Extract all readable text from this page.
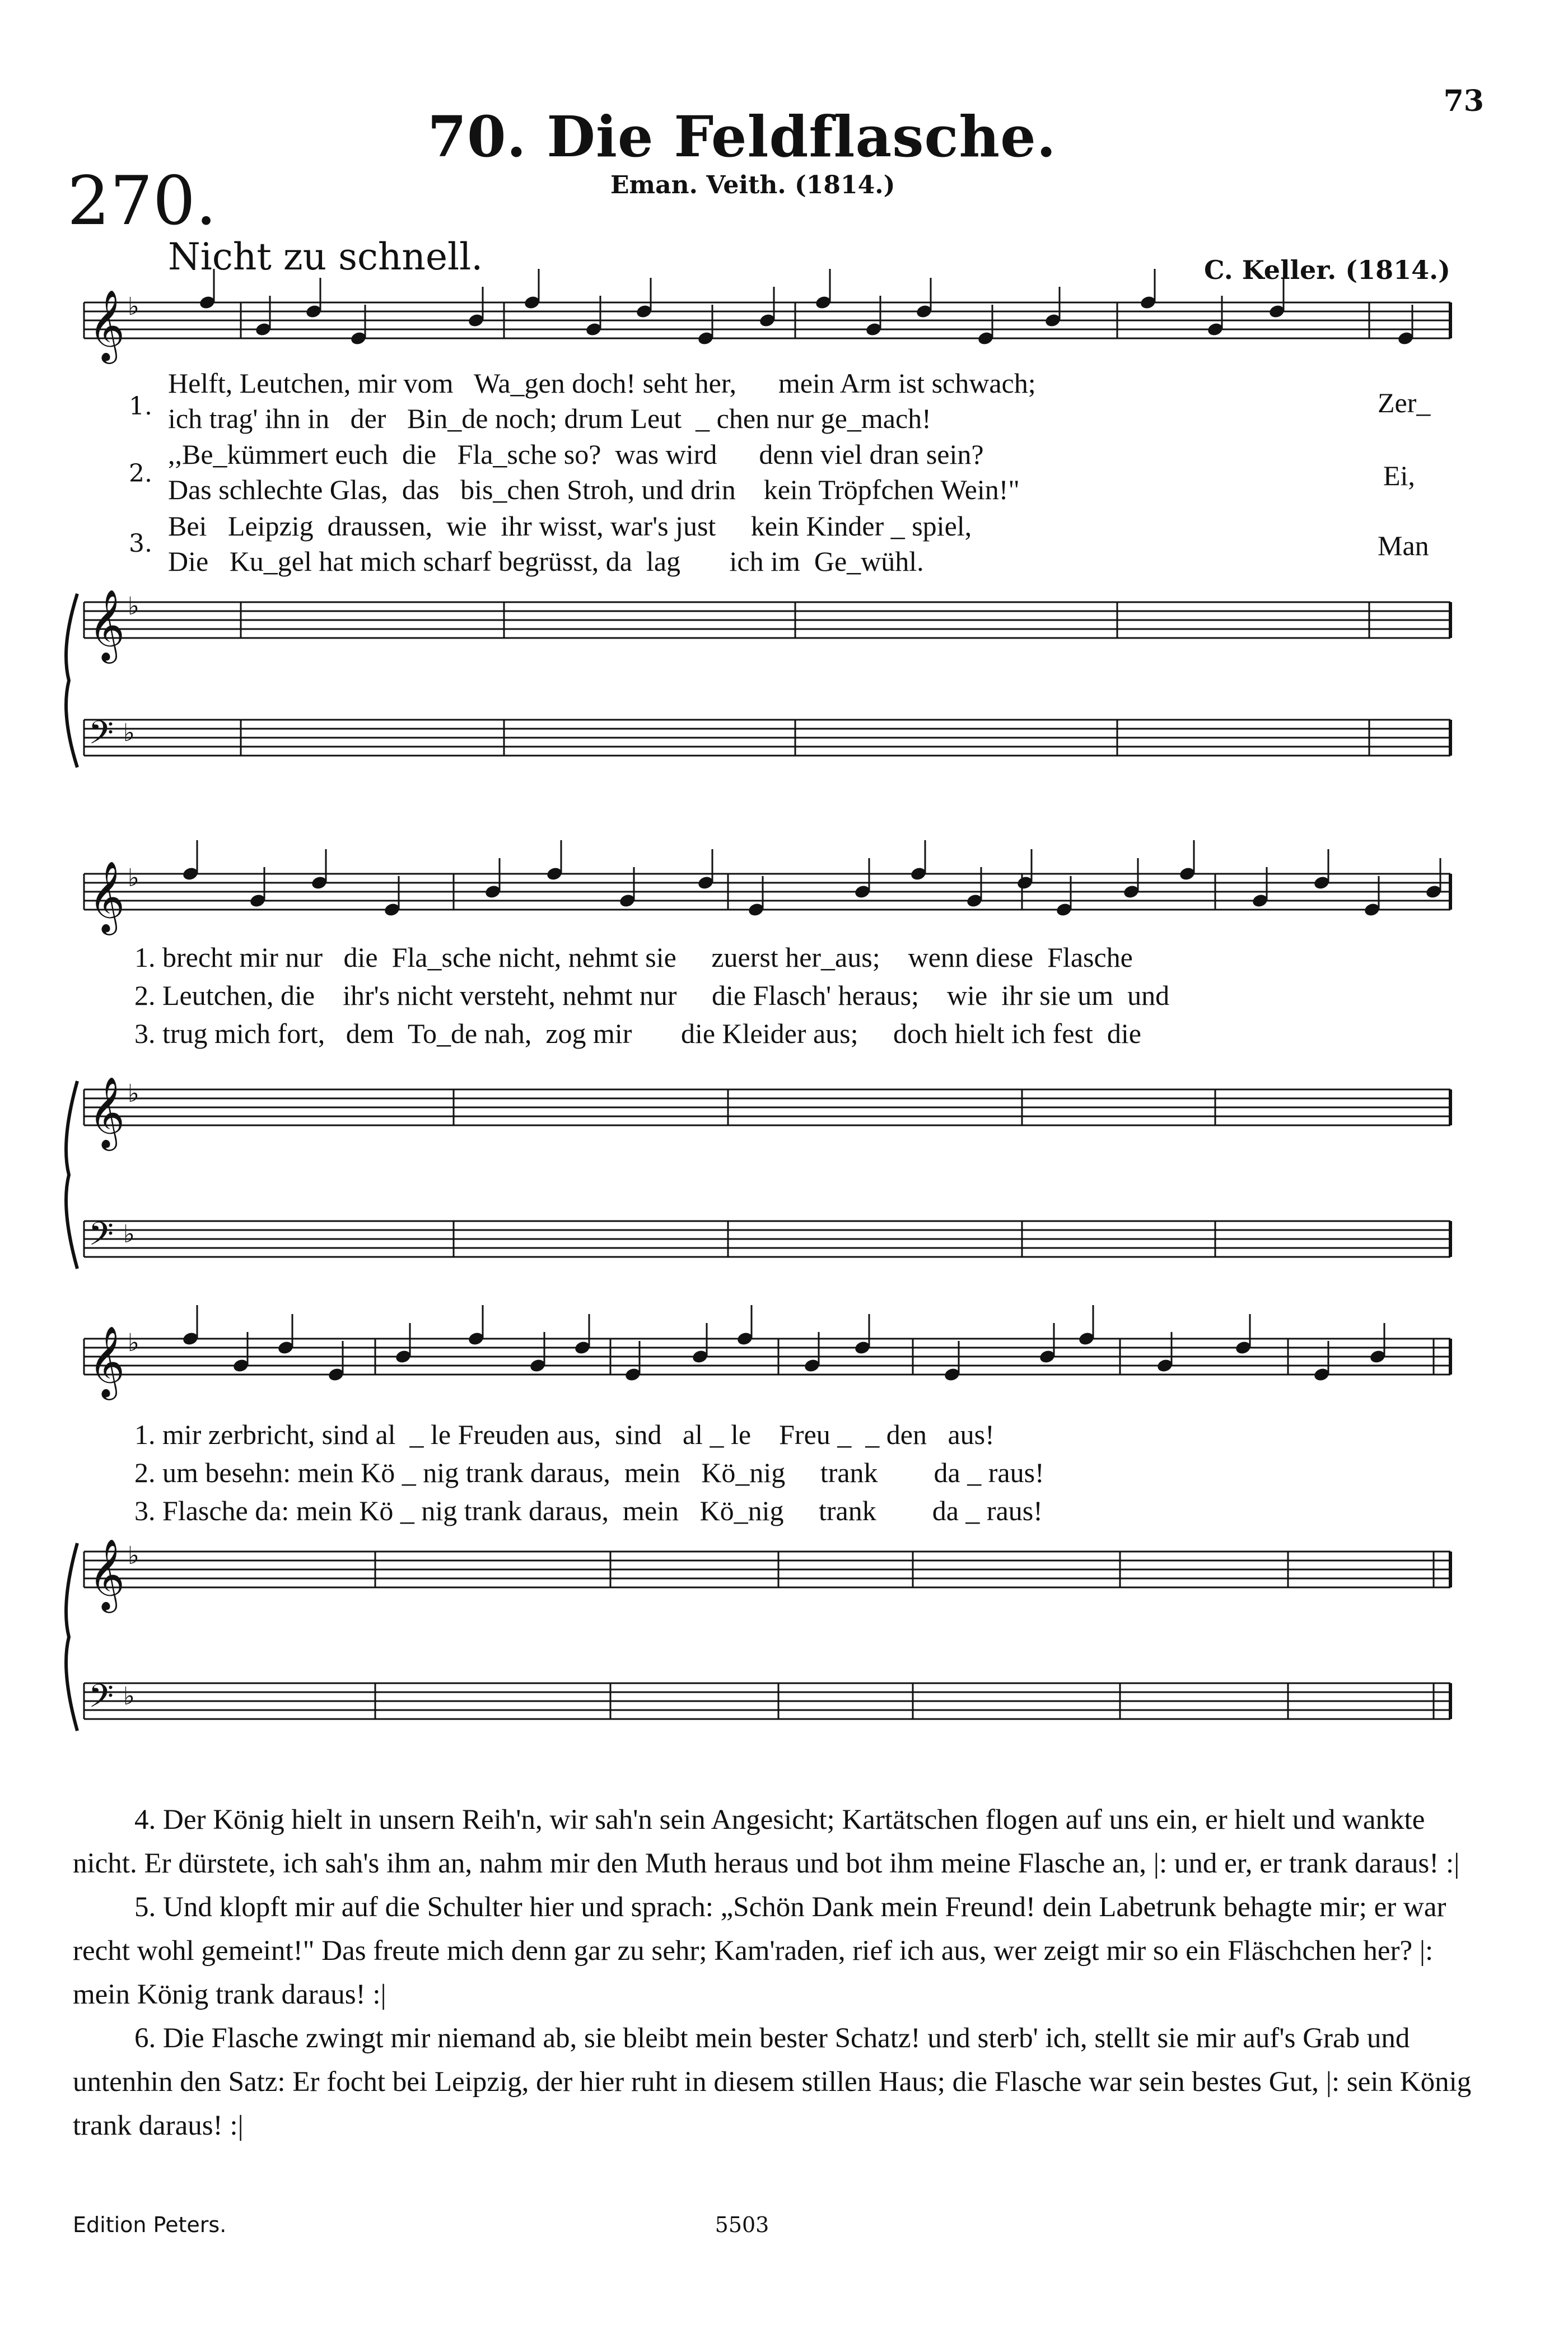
73
70. Die Feldflasche.
270.	Eman. Veith. (1814.)
Nicht zu schnell.	C. Keller. (1814.)
𝄞 ♭
𝄞 ♭
𝄢 ♭
𝄞 ♭
𝄞 ♭
𝄢 ♭
𝄞 ♭
𝄞 ♭
𝄢 ♭
1.
2.
3.
Helft, Leutchen, mir vom   Wa_gen doch! seht her,      mein Arm ist schwach;
ich trag' ihn in   der   Bin_de noch; drum Leut  _ chen nur ge_mach!
,,Be_kümmert euch  die   Fla_sche so?  was wird      denn viel dran sein?
Das schlechte Glas,  das   bis_chen Stroh, und drin    kein Tröpfchen Wein!"
Bei   Leipzig  draussen,  wie  ihr wisst, war's just     kein Kinder _ spiel,
Die   Ku_gel hat mich scharf begrüsst, da  lag       ich im  Ge_wühl.
Zer_
Ei,
Man
1. brecht mir nur   die  Fla_sche nicht, nehmt sie     zuerst her_aus;    wenn diese  Flasche
2. Leutchen, die    ihr's nicht versteht, nehmt nur     die Flasch' heraus;    wie  ihr sie um  und
3. trug mich fort,   dem  To_de nah,  zog mir       die Kleider aus;     doch hielt ich fest  die
1. mir zerbricht, sind al  _ le Freuden aus,  sind   al _ le    Freu _  _ den   aus!
2. um besehn: mein Kö _ nig trank daraus,  mein   Kö_nig     trank        da _ raus!
3. Flasche da: mein Kö _ nig trank daraus,  mein   Kö_nig     trank        da _ raus!

4. Der König hielt in unsern Reih'n, wir sah'n sein Angesicht; Kartätschen flogen auf uns ein, er hielt und wankte nicht. Er dürstete, ich sah's ihm an, nahm mir den Muth heraus und bot ihm meine Flasche an, |: und er, er trank daraus! :|

5. Und klopft mir auf die Schulter hier und sprach: „Schön Dank mein Freund! dein Labetrunk behagte mir; er war recht wohl gemeint!" Das freute mich denn gar zu sehr; Kam'raden, rief ich aus, wer zeigt mir so ein Fläschchen her? |: mein König trank daraus! :|

6. Die Flasche zwingt mir niemand ab, sie bleibt mein bester Schatz! und sterb' ich, stellt sie mir auf's Grab und untenhin den Satz: Er focht bei Leipzig, der hier ruht in diesem stillen Haus; die Flasche war sein bestes Gut, |: sein König trank daraus! :|

Edition Peters.	5503
